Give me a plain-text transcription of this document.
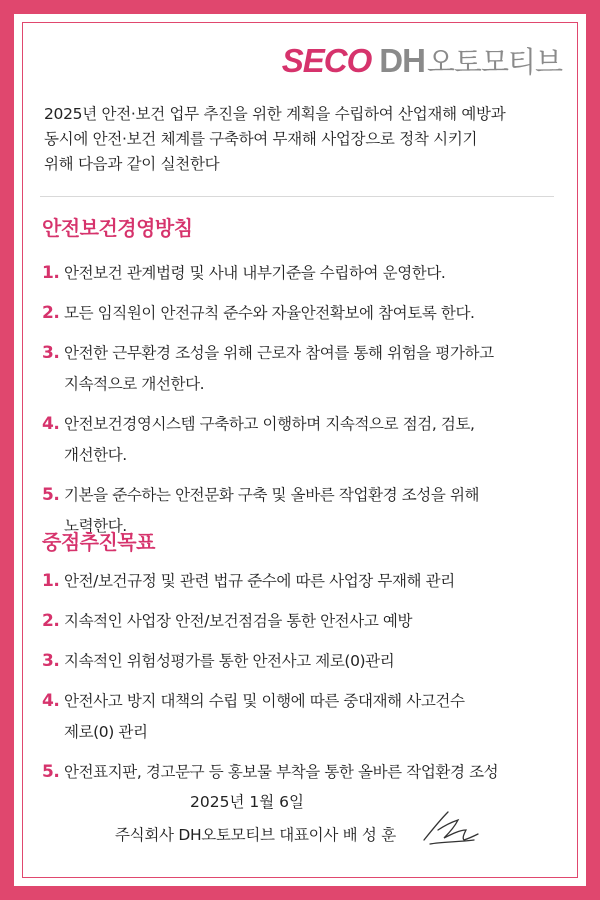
SECO DH 오토모티브
2025년 안전·보건 업무 추진을 위한 계획을 수립하여 산업재해 예방과
동시에 안전·보건 체계를 구축하여 무재해 사업장으로 정착 시키기
위해 다음과 같이 실천한다
안전보건경영방침
1. 안전보건 관계법령 및 사내 내부기준을 수립하여 운영한다.
2. 모든 임직원이 안전규칙 준수와 자율안전확보에 참여토록 한다.
3. 안전한 근무환경 조성을 위해 근로자 참여를 통해 위험을 평가하고
지속적으로 개선한다.
4. 안전보건경영시스템 구축하고 이행하며 지속적으로 점검, 검토,
개선한다.
5. 기본을 준수하는 안전문화 구축 및 올바른 작업환경 조성을 위해
노력한다.
중점추진목표
1. 안전/보건규정 및 관련 법규 준수에 따른 사업장 무재해 관리
2. 지속적인 사업장 안전/보건점검을 통한 안전사고 예방
3. 지속적인 위험성평가를 통한 안전사고 제로(0)관리
4. 안전사고 방지 대책의 수립 및 이행에 따른 중대재해 사고건수
제로(0) 관리
5. 안전표지판, 경고문구 등 홍보물 부착을 통한 올바른 작업환경 조성
2025년 1월 6일
주식회사 DH오토모티브 대표이사 배 성 훈
